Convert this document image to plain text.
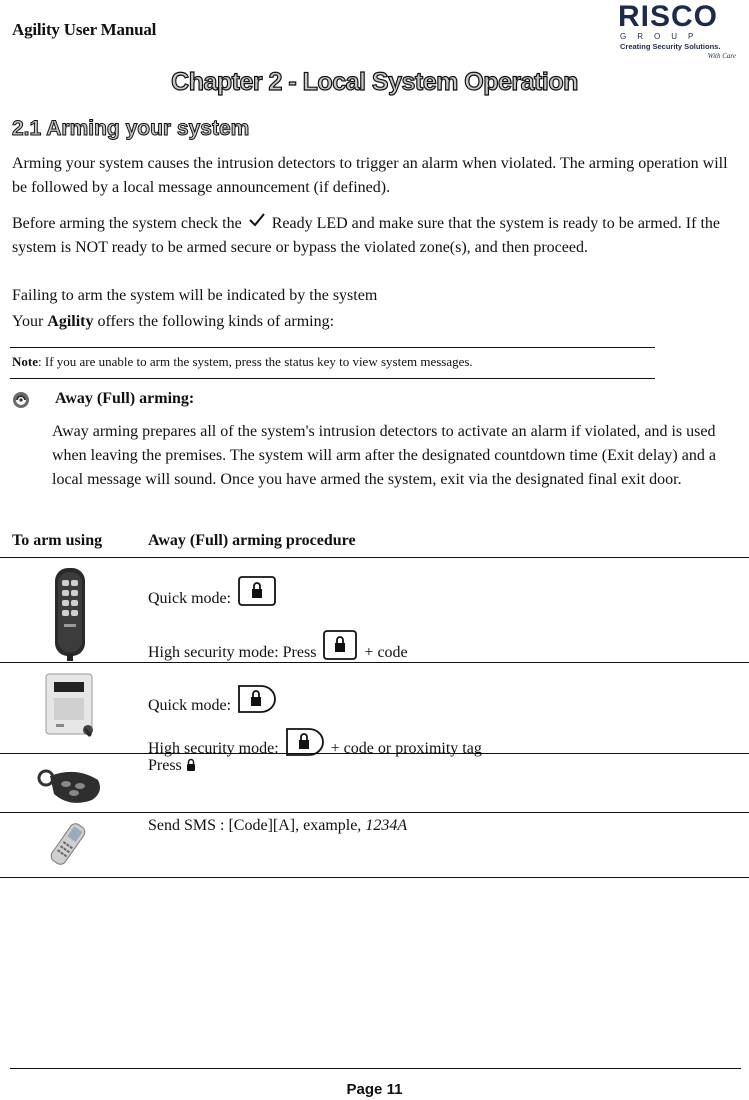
Agility User Manual	RISCO
GROUP
Creating Security Solutions.
With Care
Chapter 2 - Local System Operation
2.1 Arming your system
Arming your system causes the intrusion detectors to trigger an alarm when violated. The arming operation will be followed by a local message announcement (if defined).
Before arming the system check the Ready LED and make sure that the system is ready to be armed. If the system is NOT ready to be armed secure or bypass the violated zone(s), and then proceed.
Failing to arm the system will be indicated by the system
Your Agility offers the following kinds of arming:
Note: If you are unable to arm the system, press the status key to view system messages.
Away (Full) arming:
Away arming prepares all of the system's intrusion detectors to activate an alarm if violated, and is used when leaving the premises. The system will arm after the designated countdown time (Exit delay) and a local message will sound. Once you have armed the system, exit via the designated final exit door.
To arm using	Away (Full) arming procedure
Quick mode:
High security mode: Press	+ code
Quick mode:
High security mode:	+ code or proximity tag
Press
Send SMS : [Code][A], example, 1234A
Page 11
